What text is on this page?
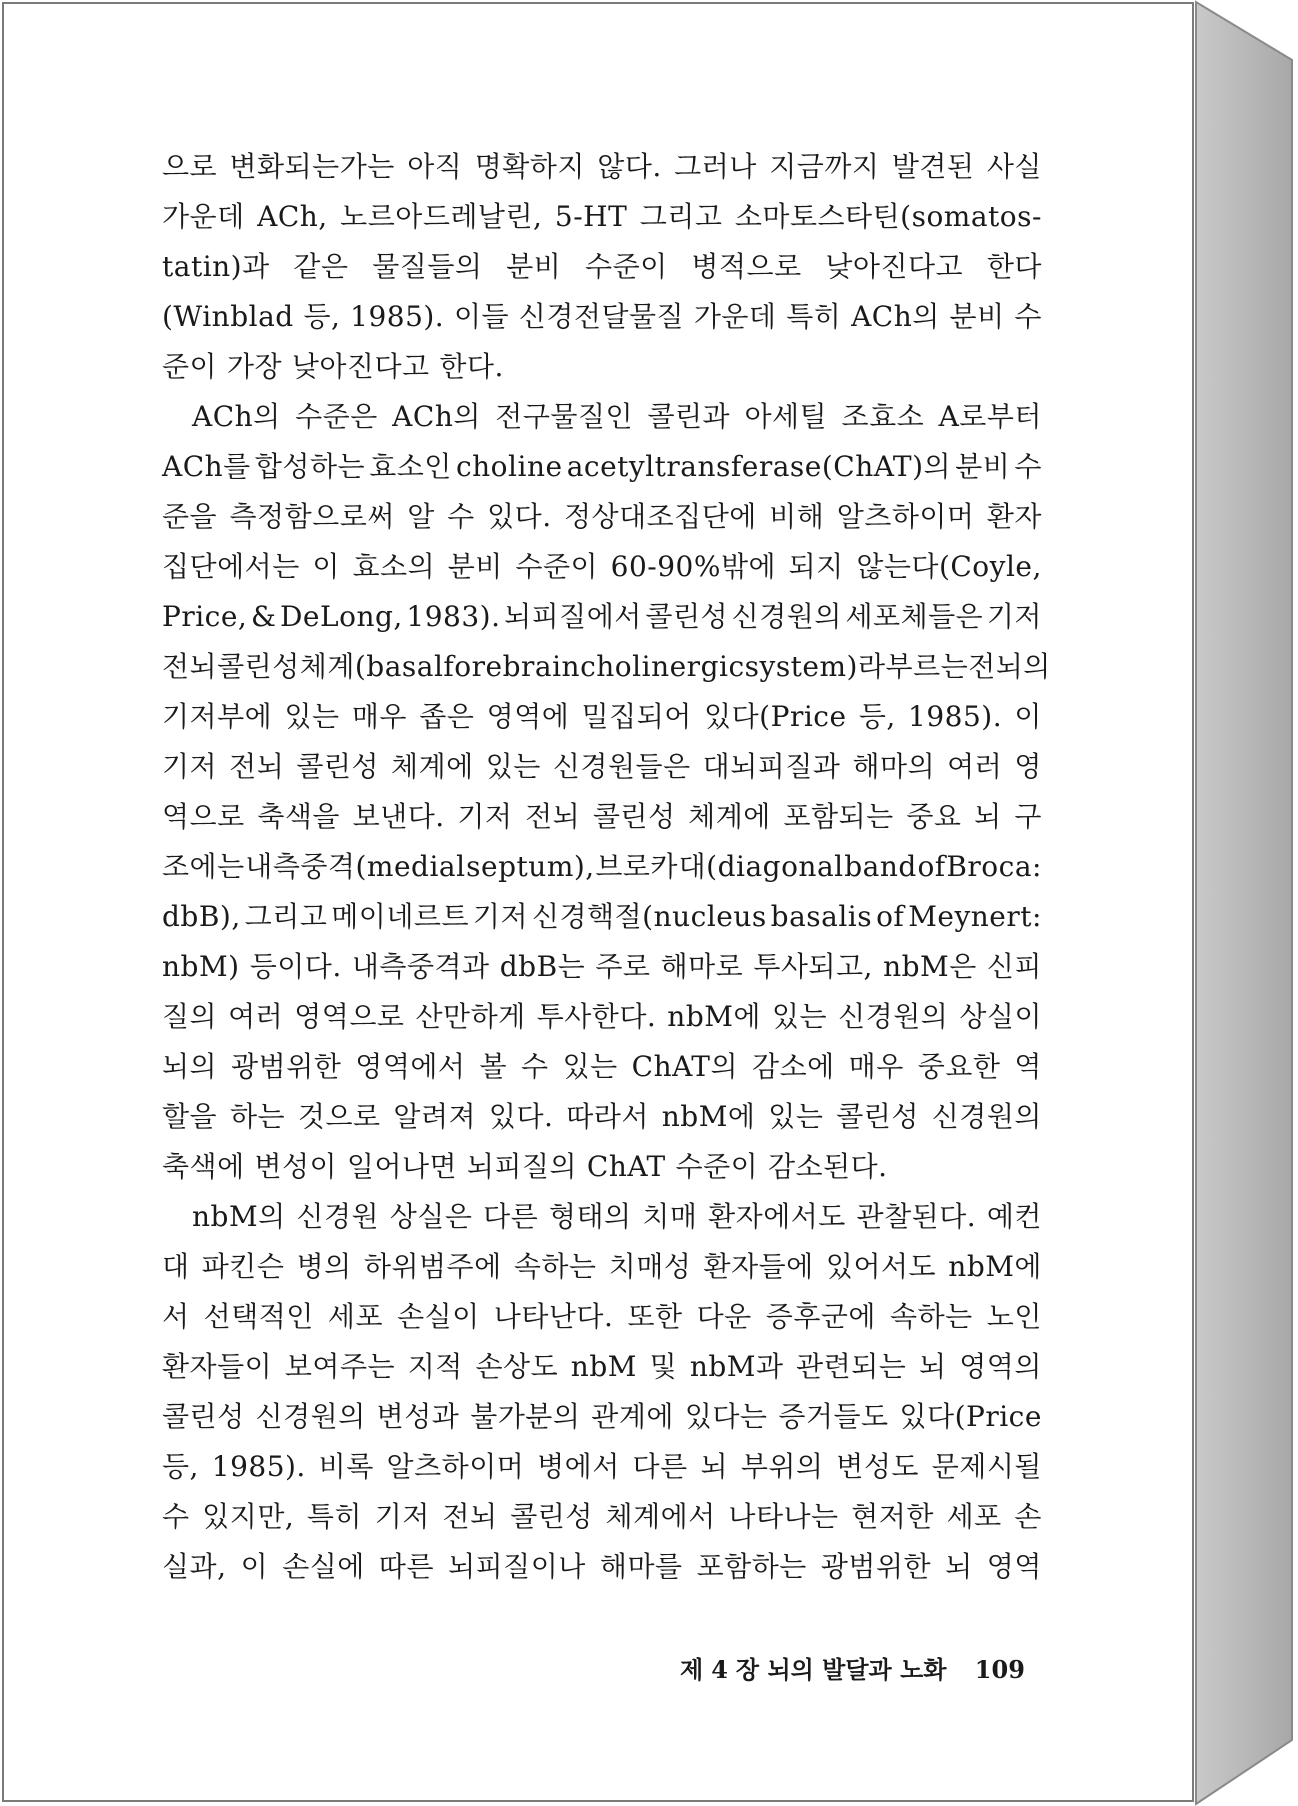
으로 변화되는가는 아직 명확하지 않다. 그러나 지금까지 발견된 사실
가운데 ACh, 노르아드레날린, 5-HT 그리고 소마토스타틴(somatos-
tatin)과 같은 물질들의 분비 수준이 병적으로 낮아진다고 한다
(Winblad 등, 1985). 이들 신경전달물질 가운데 특히 ACh의 분비 수
준이 가장 낮아진다고 한다.
ACh의 수준은 ACh의 전구물질인 콜린과 아세틸 조효소 A로부터
ACh를 합성하는 효소인 choline acetyltransferase(ChAT)의 분비 수
준을 측정함으로써 알 수 있다. 정상대조집단에 비해 알츠하이머 환자
집단에서는 이 효소의 분비 수준이 60-90%밖에 되지 않는다(Coyle,
Price, & DeLong, 1983). 뇌피질에서 콜린성 신경원의 세포체들은 기저
전뇌 콜린성 체계(basal forebrain cholinergic system)라 부르는 전뇌의
기저부에 있는 매우 좁은 영역에 밀집되어 있다(Price 등, 1985). 이
기저 전뇌 콜린성 체계에 있는 신경원들은 대뇌피질과 해마의 여러 영
역으로 축색을 보낸다. 기저 전뇌 콜린성 체계에 포함되는 중요 뇌 구
조에는 내측중격(medial septum), 브로카 대(diagonal band of Broca:
dbB), 그리고 메이네르트 기저 신경핵절(nucleus basalis of Meynert:
nbM) 등이다. 내측중격과 dbB는 주로 해마로 투사되고, nbM은 신피
질의 여러 영역으로 산만하게 투사한다. nbM에 있는 신경원의 상실이
뇌의 광범위한 영역에서 볼 수 있는 ChAT의 감소에 매우 중요한 역
할을 하는 것으로 알려져 있다. 따라서 nbM에 있는 콜린성 신경원의
축색에 변성이 일어나면 뇌피질의 ChAT 수준이 감소된다.
nbM의 신경원 상실은 다른 형태의 치매 환자에서도 관찰된다. 예컨
대 파킨슨 병의 하위범주에 속하는 치매성 환자들에 있어서도 nbM에
서 선택적인 세포 손실이 나타난다. 또한 다운 증후군에 속하는 노인
환자들이 보여주는 지적 손상도 nbM 및 nbM과 관련되는 뇌 영역의
콜린성 신경원의 변성과 불가분의 관계에 있다는 증거들도 있다(Price
등, 1985). 비록 알츠하이머 병에서 다른 뇌 부위의 변성도 문제시될
수 있지만, 특히 기저 전뇌 콜린성 체계에서 나타나는 현저한 세포 손
실과, 이 손실에 따른 뇌피질이나 해마를 포함하는 광범위한 뇌 영역
제 4 장 뇌의 발달과 노화 109
